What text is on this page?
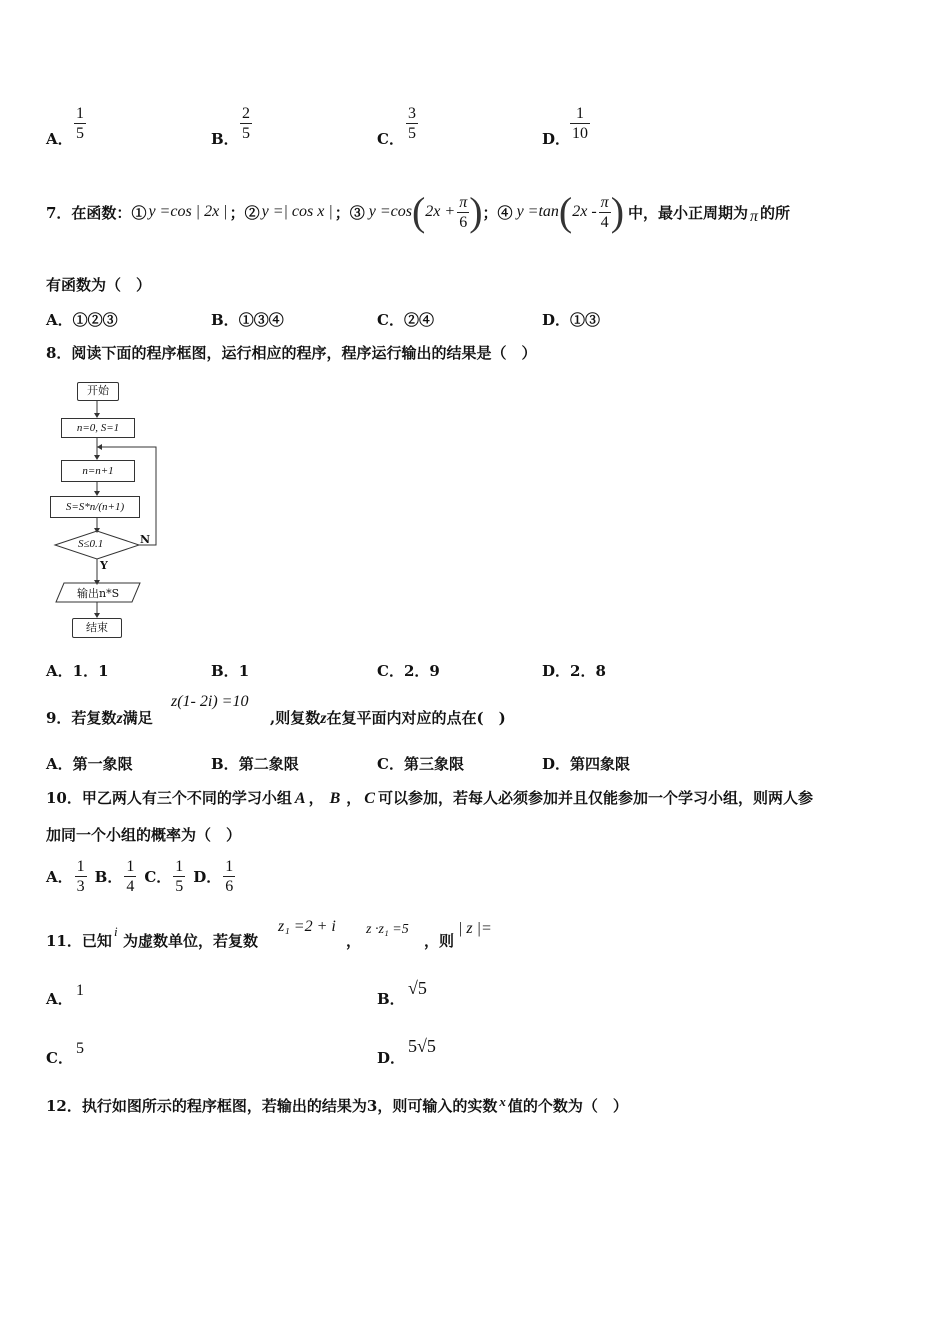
A． $\frac{1}{5}$	B． $\frac{2}{5}$	C． $\frac{3}{5}$	D． $\frac{1}{10}$
7．在函数：① y =cos | 2x | ；② y =| cos x | ；③ y =cos ( $2x + \frac{\pi}{6}$ ) ；④ y =tan ( $2x - \frac{\pi}{4}$ ) 中，最小正周期为 π 的所
有函数为（　）
A．①②③	B．①③④	C．②④	D．①③
8．阅读下面的程序框图，运行相应的程序，程序运行输出的结果是（　）
开始
n=0, S=1
n=n+1
S=S*n/(n+1)
S≤0.1	N
Y
输出n*S
结束
A．1．1	B．1	C．2．9	D．2．8
9．若复数z满足
z(1- 2i) =10
,则复数z在复平面内对应的点在(　)
A．第一象限	B．第二象限	C．第三象限	D．第四象限
10．甲乙两人有三个不同的学习小组 A ， B ， C 可以参加，若每人必须参加并且仅能参加一个学习小组，则两人参
加同一个小组的概率为（　）
A． $\frac{1}{3}$ B． $\frac{1}{4}$ C． $\frac{1}{5}$ D． $\frac{1}{6}$
11．已知
i
为虚数单位，若复数
z₁ =2 + i
，
z ·z₁ =5
，则
| z |=
A． 1	B．
√5
C．
5
D．
5√5
12．执行如图所示的程序框图，若输出的结果为3，则可输入的实数 x 值的个数为（　）
